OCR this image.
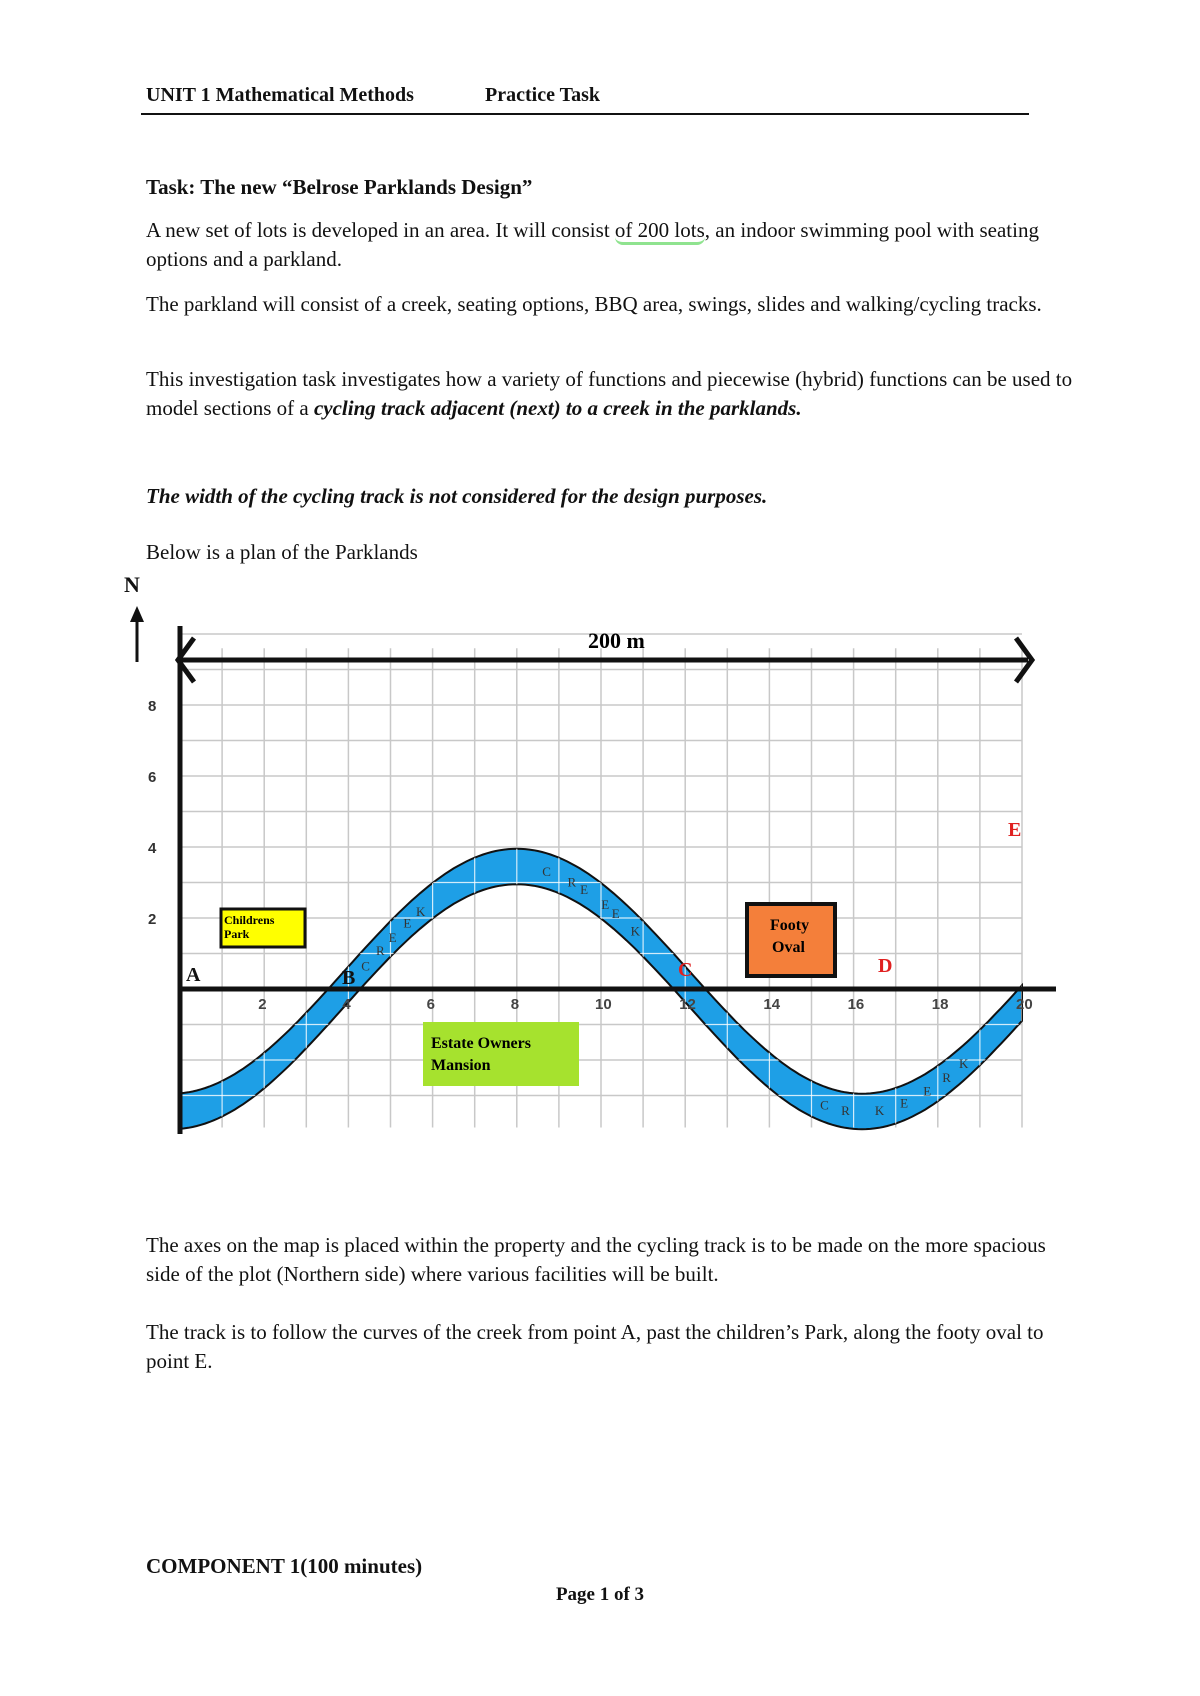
UNIT 1 Mathematical Methods	Practice Task
Task: The new “Belrose Parklands Design”
A new set of lots is developed in an area. It will consist of 200 lots, an indoor swimming pool with seating options and a parkland.
The parkland will consist of a creek, seating options, BBQ area, swings, slides and walking/cycling tracks.
This investigation task investigates how a variety of functions and piecewise (hybrid) functions can be used to model sections of a cycling track adjacent (next) to a creek in the parklands.
The width of the cycling track is not considered for the design purposes.
Below is a plan of the Parklands
N
200 m
C
R
E
E
K
K
E
R
C
R
E
E
K
C R
E
E
K
8
6
4
2
2	4	6	8	10	12	14	16	18	20
Childrens
Park
Estate Owners
Mansion
Footy
Oval
A	B	C	D
E
The axes on the map is placed within the property and the cycling track is to be made on the more spacious side of the plot (Northern side) where various facilities will be built.
The track is to follow the curves of the creek from point A, past the children’s Park, along the footy oval to point E.
COMPONENT 1(100 minutes)
Page 1 of 3
